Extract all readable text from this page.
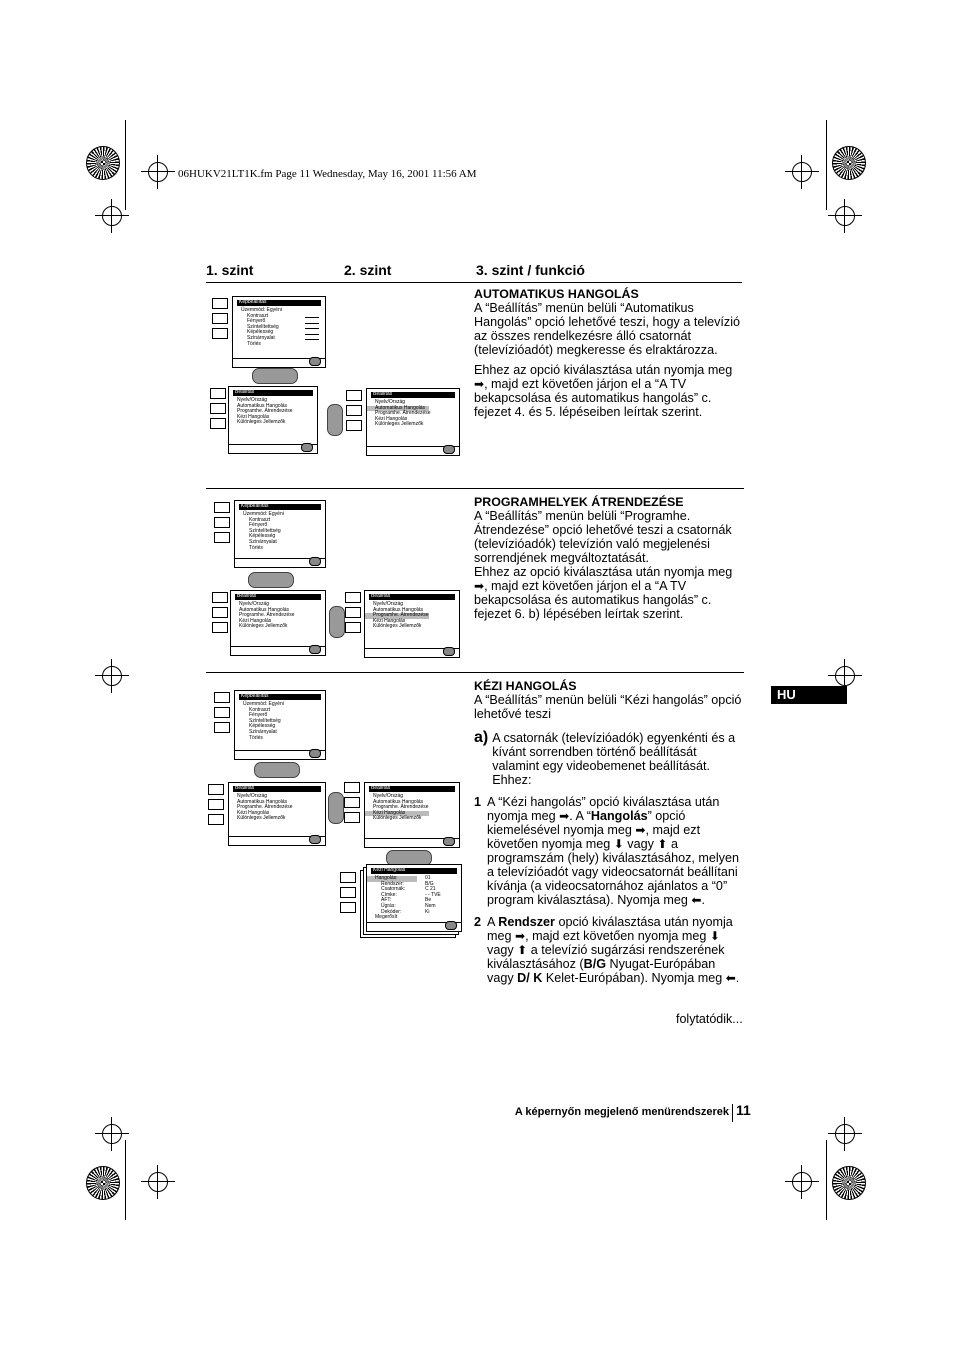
06HUKV21LT1K.fm Page 11 Wednesday, May 16, 2001 11:56 AM
1. szint	2. szint	3. szint / funkció
Képbeállítás
Üzemmód: Egyéni
Kontraszt
Fényerő
Színtelítettség
Képélesség
Színárnyalat
Törlés
Beállítás
Nyelv/Ország
Automatikus Hangolás
Programhe. Átrendezése
Kézi Hangolás
Különleges Jellemzők
Beállítás
Nyelv/Ország
Automatikus Hangolás
Programhe. Átrendezése
Kézi Hangolás
Különleges Jellemzők
AUTOMATIKUS HANGOLÁS

A “Beállítás” menün belüli “Automatikus Hangolás” opció lehetővé teszi, hogy a televízió az összes rendelkezésre álló csatornát (televízióadót) megkeresse és elraktározza.

Ehhez az opció kiválasztása után nyomja meg ➡, majd ezt követően járjon el a “A TV bekapcsolása és automatikus hangolás” c. fejezet 4. és 5. lépéseiben leírtak szerint.

Képbeállítás
Üzemmód: Egyéni
Kontraszt
Fényerő
Színtelítettség
Képélesség
Színárnyalat
Törlés
Beállítás
Nyelv/Ország
Automatikus Hangolás
Programhe. Átrendezése
Kézi Hangolás
Különleges Jellemzők
Beállítás
Nyelv/Ország
Automatikus Hangolás
Programhe. Átrendezése
Kézi Hangolás
Különleges Jellemzők
PROGRAMHELYEK ÁTRENDEZÉSE

A “Beállítás” menün belüli “Programhe. Átrendezése” opció lehetővé teszi a csatornák (televízióadók) televízión való megjelenési sorrendjének megváltoztatását.

Ehhez az opció kiválasztása után nyomja meg ➡, majd ezt követően járjon el a “A TV bekapcsolása és automatikus hangolás” c. fejezet 6. b) lépésében leírtak szerint.

Képbeállítás
Üzemmód: Egyéni
Kontraszt
Fényerő
Színtelítettség
Képélesség
Színárnyalat
Törlés
Beállítás
Nyelv/Ország
Automatikus Hangolás
Programhe. Átrendezése
Kézi Hangolás
Különleges Jellemzők
Beállítás
Nyelv/Ország
Automatikus Hangolás
Programhe. Átrendezése
Kézi Hangolás
Különleges Jellemzők
Kézi Hangolás
Hangolás:
Rendszer:
Csatornák:
Címke:
AFT:
Úgrás:
Dekóder:
Megerősít
01
B/G
C 21
- - TVE
Be
Nem
Ki
KÉZI HANGOLÁS

A “Beállítás” menün belüli “Kézi hangolás” opció lehetővé teszi

a) A csatornák (televízióadók) egyenkénti és a kívánt sorrendben történő beállítását valamint egy videobemenet beállítását. Ehhez:
1 A “Kézi hangolás” opció kiválasztása után nyomja meg ➡. A “Hangolás” opció kiemelésével nyomja meg ➡, majd ezt követően nyomja meg ⬇ vagy ⬆ a programszám (hely) kiválasztásához, melyen a televízióadót vagy videocsatornát beállítani kívánja (a videocsatornához ajánlatos a “0” program kiválasztása). Nyomja meg ⬅.
2 A Rendszer opció kiválasztása után nyomja meg ➡, majd ezt követően nyomja meg ⬇ vagy ⬆ a televízió sugárzási rendszerének kiválasztásához (B/G Nyugat-Európában vagy D/ K Kelet-Európában). Nyomja meg ⬅.
HU
folytatódik...
A képernyőn megjelenő menürendszerek 11
